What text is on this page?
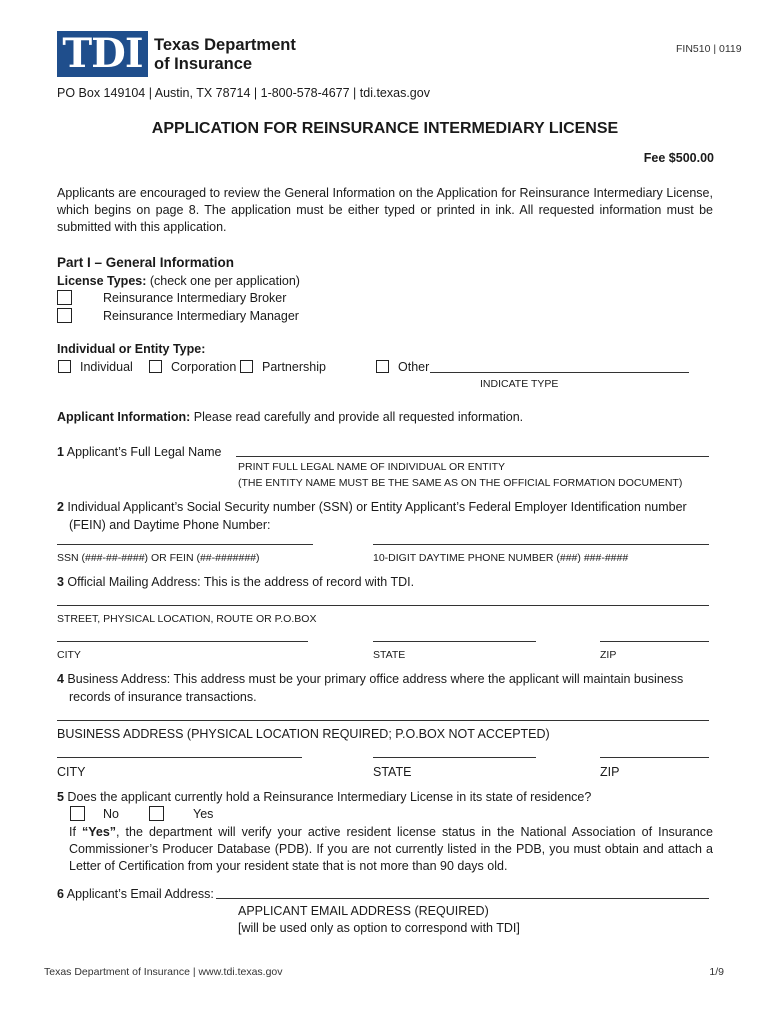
TDI Texas Department
of Insurance
FIN510 | 0119
PO Box 149104 | Austin, TX 78714 | 1-800-578-4677 | tdi.texas.gov
APPLICATION FOR REINSURANCE INTERMEDIARY LICENSE
Fee $500.00
Applicants are encouraged to review the General Information on the Application for Reinsurance Intermediary License, which begins on page 8. The application must be either typed or printed in ink. All requested information must be submitted with this application.
Part I – General Information
License Types: (check one per application)
Reinsurance Intermediary Broker
Reinsurance Intermediary Manager
Individual or Entity Type:
Individual	Corporation Partnership	Other
INDICATE TYPE
Applicant Information: Please read carefully and provide all requested information.
1 Applicant’s Full Legal Name
PRINT FULL LEGAL NAME OF INDIVIDUAL OR ENTITY
(THE ENTITY NAME MUST BE THE SAME AS ON THE OFFICIAL FORMATION DOCUMENT)
2 Individual Applicant’s Social Security number (SSN) or Entity Applicant’s Federal Employer Identification number
(FEIN) and Daytime Phone Number:
SSN (###-##-####) OR FEIN (##-#######)	10-DIGIT DAYTIME PHONE NUMBER (###) ###-####
3 Official Mailing Address: This is the address of record with TDI.
STREET, PHYSICAL LOCATION, ROUTE OR P.O.BOX
CITY	STATE	ZIP
4 Business Address: This address must be your primary office address where the applicant will maintain business
records of insurance transactions.
BUSINESS ADDRESS (PHYSICAL LOCATION REQUIRED; P.O.BOX NOT ACCEPTED)
CITY	STATE	ZIP
5 Does the applicant currently hold a Reinsurance Intermediary License in its state of residence?
No	Yes
If “Yes”, the department will verify your active resident license status in the National Association of Insurance Commissioner’s Producer Database (PDB). If you are not currently listed in the PDB, you must obtain and attach a Letter of Certification from your resident state that is not more than 90 days old.
6 Applicant’s Email Address:
APPLICANT EMAIL ADDRESS (REQUIRED)
[will be used only as option to correspond with TDI]
Texas Department of Insurance | www.tdi.texas.gov	1/9
